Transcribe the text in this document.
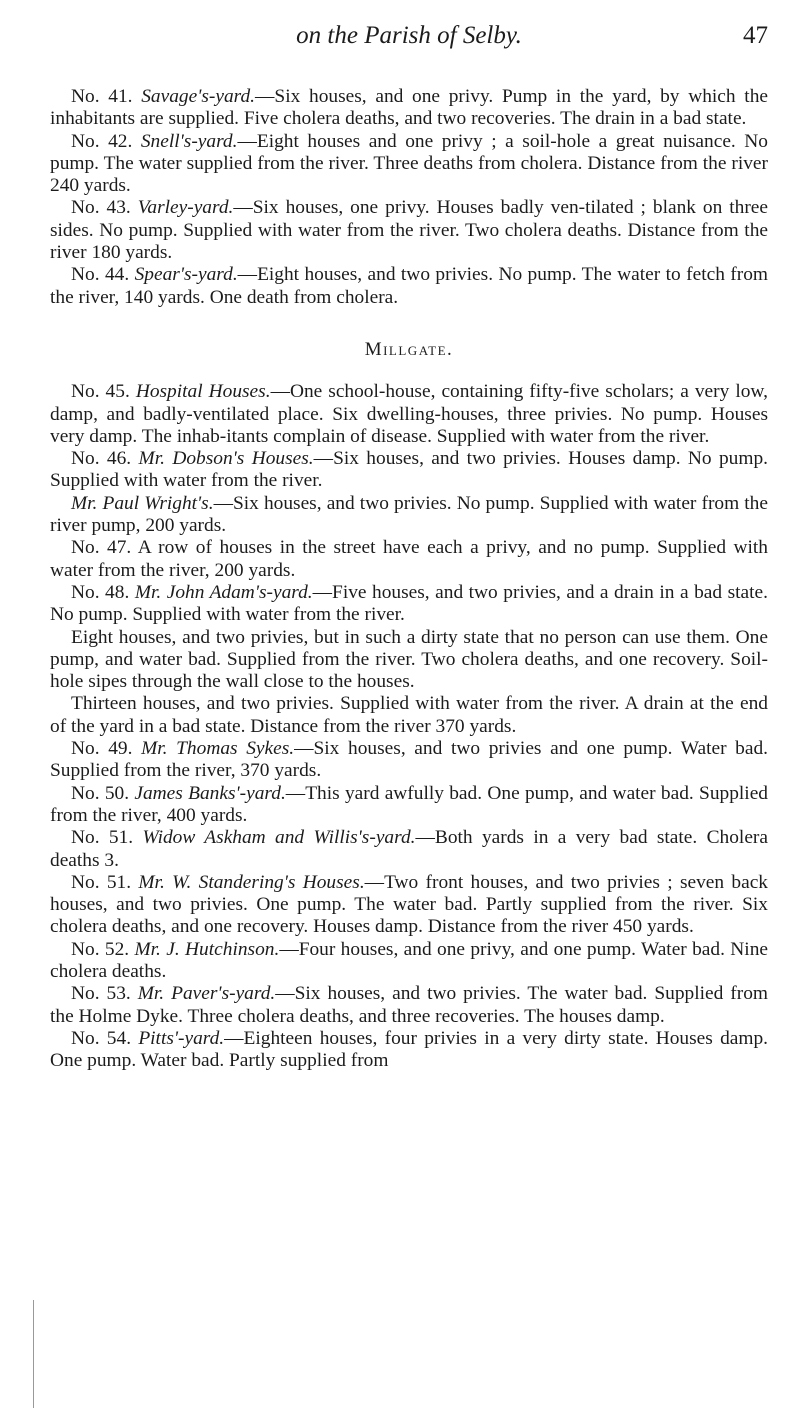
on the Parish of Selby.	47

No. 41. Savage's-yard.—Six houses, and one privy. Pump in the yard, by which the inhabitants are supplied. Five cholera deaths, and two recoveries. The drain in a bad state.

No. 42. Snell's-yard.—Eight houses and one privy ; a soil-hole a great nuisance. No pump. The water supplied from the river. Three deaths from cholera. Distance from the river 240 yards.

No. 43. Varley-yard.—Six houses, one privy. Houses badly ven-tilated ; blank on three sides. No pump. Supplied with water from the river. Two cholera deaths. Distance from the river 180 yards.

No. 44. Spear's-yard.—Eight houses, and two privies. No pump. The water to fetch from the river, 140 yards. One death from cholera.

Millgate.

No. 45. Hospital Houses.—One school-house, containing fifty-five scholars; a very low, damp, and badly-ventilated place. Six dwelling-houses, three privies. No pump. Houses very damp. The inhab-itants complain of disease. Supplied with water from the river.

No. 46. Mr. Dobson's Houses.—Six houses, and two privies. Houses damp. No pump. Supplied with water from the river.

Mr. Paul Wright's.—Six houses, and two privies. No pump. Supplied with water from the river pump, 200 yards.

No. 47. A row of houses in the street have each a privy, and no pump. Supplied with water from the river, 200 yards.

No. 48. Mr. John Adam's-yard.—Five houses, and two privies, and a drain in a bad state. No pump. Supplied with water from the river.

Eight houses, and two privies, but in such a dirty state that no person can use them. One pump, and water bad. Supplied from the river. Two cholera deaths, and one recovery. Soil-hole sipes through the wall close to the houses.

Thirteen houses, and two privies. Supplied with water from the river. A drain at the end of the yard in a bad state. Distance from the river 370 yards.

No. 49. Mr. Thomas Sykes.—Six houses, and two privies and one pump. Water bad. Supplied from the river, 370 yards.

No. 50. James Banks'-yard.—This yard awfully bad. One pump, and water bad. Supplied from the river, 400 yards.

No. 51. Widow Askham and Willis's-yard.—Both yards in a very bad state. Cholera deaths 3.

No. 51. Mr. W. Standering's Houses.—Two front houses, and two privies ; seven back houses, and two privies. One pump. The water bad. Partly supplied from the river. Six cholera deaths, and one recovery. Houses damp. Distance from the river 450 yards.

No. 52. Mr. J. Hutchinson.—Four houses, and one privy, and one pump. Water bad. Nine cholera deaths.

No. 53. Mr. Paver's-yard.—Six houses, and two privies. The water bad. Supplied from the Holme Dyke. Three cholera deaths, and three recoveries. The houses damp.

No. 54. Pitts'-yard.—Eighteen houses, four privies in a very dirty state. Houses damp. One pump. Water bad. Partly supplied from
